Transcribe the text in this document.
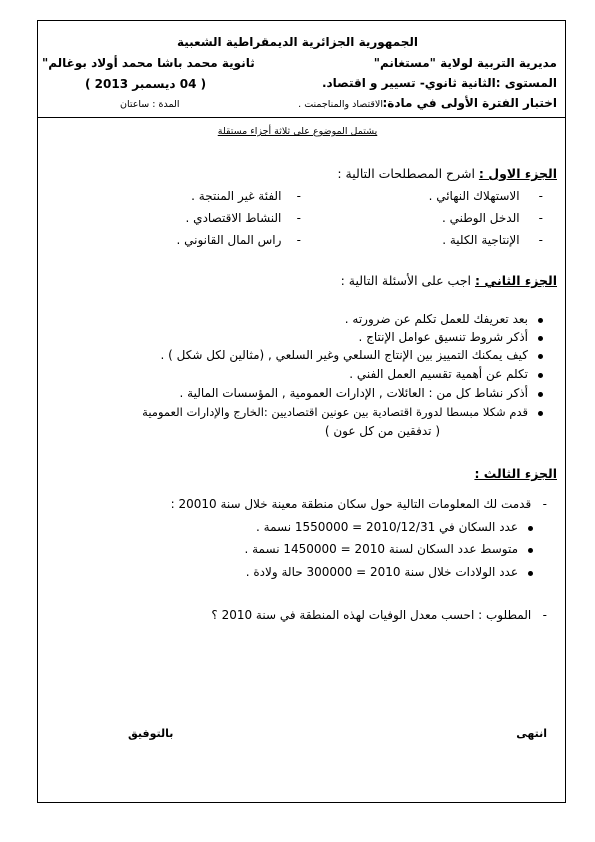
الجمهورية الجزائرية الديمقراطية الشعبية
مديرية التربية لولاية "مستغانم"
ثانوية محمد باشا محمد أولاد بوغالم"
المستوى :الثانية ثانوي- تسيير و اقتصاد.
( 04 ديسمبر 2013 )
اختبار الفترة الأولى في مادة:
الاقتصاد والمناجمنت .
المدة : ساعتان
يشتمل الموضوع على ثلاثة أجزاء مستقلة
الجزء الاول : اشرح المصطلحات التالية :
-     الاستهلاك النهائي .
-     الدخل الوطني .
-     الإنتاجية الكلية .
-    الفئة غير المنتجة .
-    النشاط الاقتصادي .
-    راس المال القانوني .
الجزء الثاني : اجب على الأسئلة التالية :
بعد تعريفك للعمل تكلم عن ضرورته .
أذكر شروط تنسيق عوامل الإنتاج .
كيف يمكنك التمييز بين الإنتاج السلعي وغير السلعي , (مثالين لكل شكل ) .
تكلم عن أهمية تقسيم العمل الفني .
أذكر نشاط كل من : العائلات , الإدارات العمومية , المؤسسات المالية .
قدم شكلا مبسطا لدورة اقتصادية بين عونين اقتصاديين :الخارج والإدارات العمومية
( تدفقين من كل عون )
الجزء الثالث :
-   قدمت لك المعلومات التالية حول سكان منطقة معينة خلال سنة 20010 :
عدد السكان في 2010/12/31 = 1550000 نسمة .
متوسط عدد السكان لسنة 2010 = 1450000 نسمة .
عدد الولادات خلال سنة 2010 = 300000 حالة ولادة .
-   المطلوب : احسب معدل الوفيات لهذه المنطقة في سنة 2010 ؟
انتهى
بالتوفيق
